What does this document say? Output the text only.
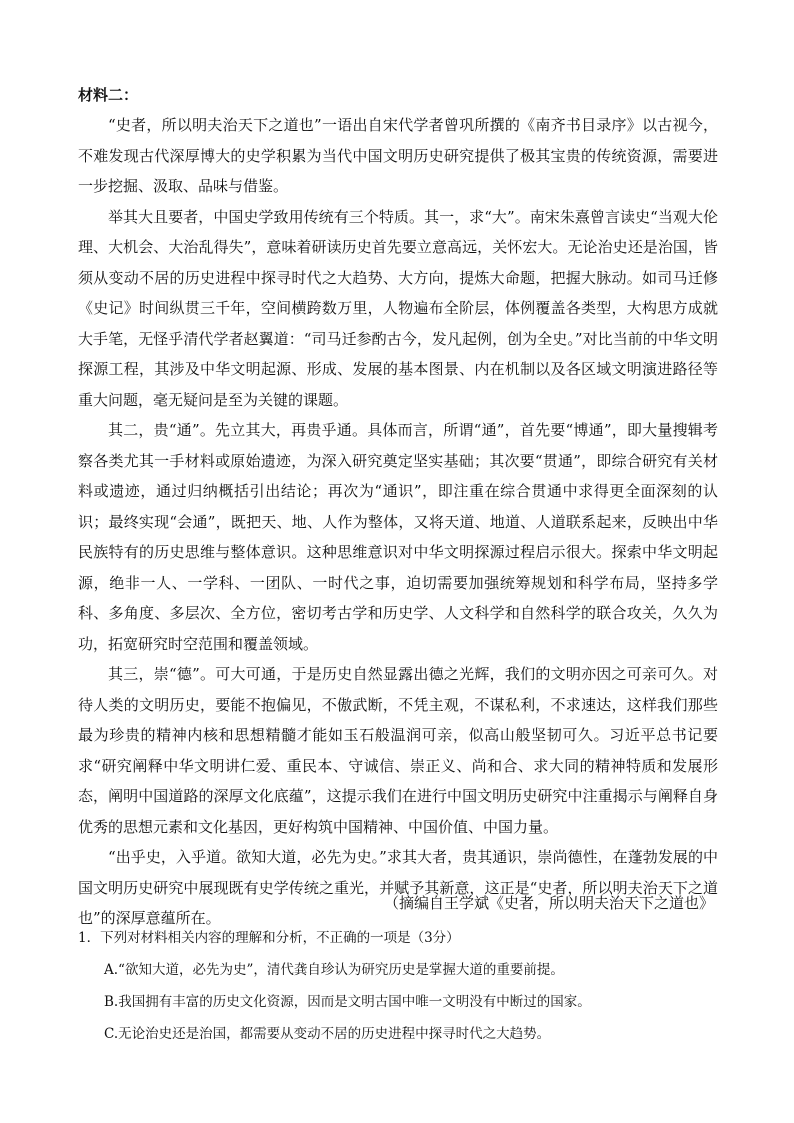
材料二：

“史者，所以明夫治天下之道也”一语出自宋代学者曾巩所撰的《南齐书目录序》以古视今，不难发现古代深厚博大的史学积累为当代中国文明历史研究提供了极其宝贵的传统资源，需要进一步挖掘、汲取、品味与借鉴。

举其大且要者，中国史学致用传统有三个特质。其一，求“大”。南宋朱熹曾言读史“当观大伦理、大机会、大治乱得失”，意味着研读历史首先要立意高远，关怀宏大。无论治史还是治国，皆须从变动不居的历史进程中探寻时代之大趋势、大方向，提炼大命题，把握大脉动。如司马迁修《史记》时间纵贯三千年，空间横跨数万里，人物遍布全阶层，体例覆盖各类型，大构思方成就大手笔，无怪乎清代学者赵翼道：“司马迁参酌古今，发凡起例，创为全史。”对比当前的中华文明探源工程，其涉及中华文明起源、形成、发展的基本图景、内在机制以及各区域文明演进路径等重大问题，毫无疑问是至为关键的课题。

其二，贵“通”。先立其大，再贵乎通。具体而言，所谓“通”，首先要“博通”，即大量搜辑考察各类尤其一手材料或原始遗迹，为深入研究奠定坚实基础；其次要“贯通”，即综合研究有关材料或遗迹，通过归纳概括引出结论；再次为“通识”，即注重在综合贯通中求得更全面深刻的认识；最终实现“会通”，既把天、地、人作为整体，又将天道、地道、人道联系起来，反映出中华民族特有的历史思维与整体意识。这种思维意识对中华文明探源过程启示很大。探索中华文明起源，绝非一人、一学科、一团队、一时代之事，迫切需要加强统筹规划和科学布局，坚持多学科、多角度、多层次、全方位，密切考古学和历史学、人文科学和自然科学的联合攻关，久久为功，拓宽研究时空范围和覆盖领域。

其三，崇“德”。可大可通，于是历史自然显露出德之光辉，我们的文明亦因之可亲可久。对待人类的文明历史，要能不抱偏见，不傲武断，不凭主观，不谋私利，不求速达，这样我们那些最为珍贵的精神内核和思想精髓才能如玉石般温润可亲，似高山般坚韧可久。习近平总书记要求“研究阐释中华文明讲仁爱、重民本、守诚信、崇正义、尚和合、求大同的精神特质和发展形态，阐明中国道路的深厚文化底蕴”，这提示我们在进行中国文明历史研究中注重揭示与阐释自身优秀的思想元素和文化基因，更好构筑中国精神、中国价值、中国力量。

“出乎史，入乎道。欲知大道，必先为史。”求其大者，贵其通识，崇尚德性，在蓬勃发展的中国文明历史研究中展现既有史学传统之重光，并赋予其新意，这正是“史者，所以明夫治天下之道也”的深厚意蕴所在。

（摘编自王学斌《史者，所以明夫治天下之道也》

1．下列对材料相关内容的理解和分析，不正确的一项是（3分）

A.“欲知大道，必先为史”，清代龚自珍认为研究历史是掌握大道的重要前提。

B.我国拥有丰富的历史文化资源，因而是文明古国中唯一文明没有中断过的国家。

C.无论治史还是治国，都需要从变动不居的历史进程中探寻时代之大趋势。
